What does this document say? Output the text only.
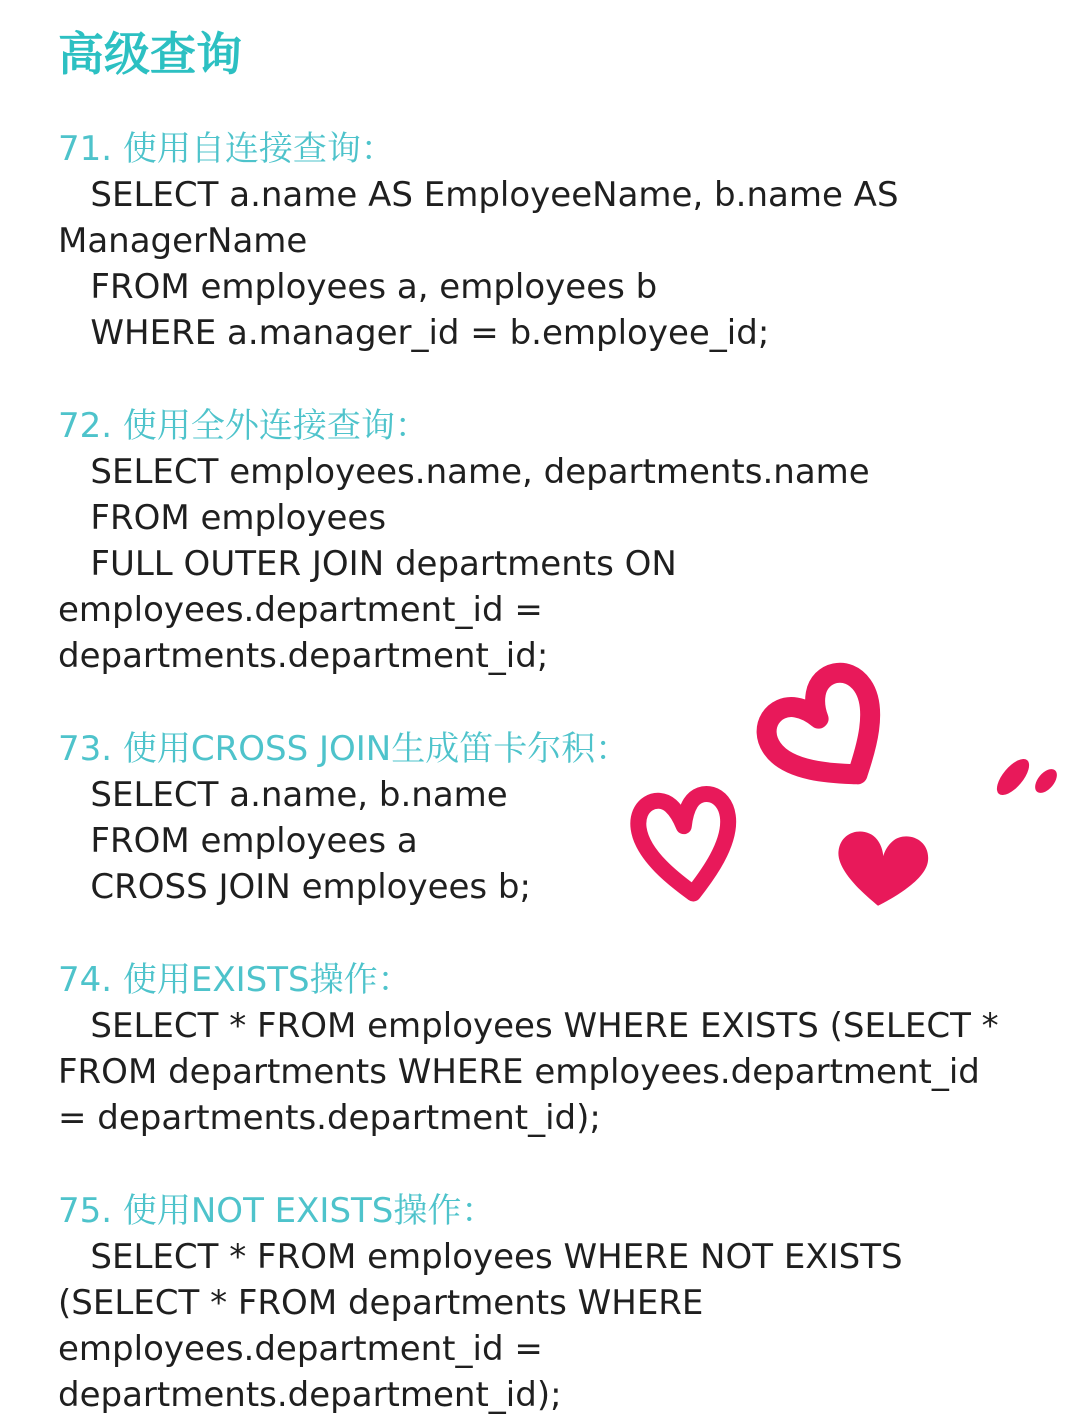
高级查询

71. 使用自连接查询：

SELECT a.name AS EmployeeName, b.name AS

ManagerName

FROM employees a, employees b

WHERE a.manager_id = b.employee_id;

72. 使用全外连接查询：

SELECT employees.name, departments.name

FROM employees

FULL OUTER JOIN departments ON

employees.department_id =

departments.department_id;

73. 使用CROSS JOIN生成笛卡尔积：

SELECT a.name, b.name

FROM employees a

CROSS JOIN employees b;

74. 使用EXISTS操作：

SELECT * FROM employees WHERE EXISTS (SELECT *

FROM departments WHERE employees.department_id

= departments.department_id);

75. 使用NOT EXISTS操作：

SELECT * FROM employees WHERE NOT EXISTS

(SELECT * FROM departments WHERE

employees.department_id =

departments.department_id);
